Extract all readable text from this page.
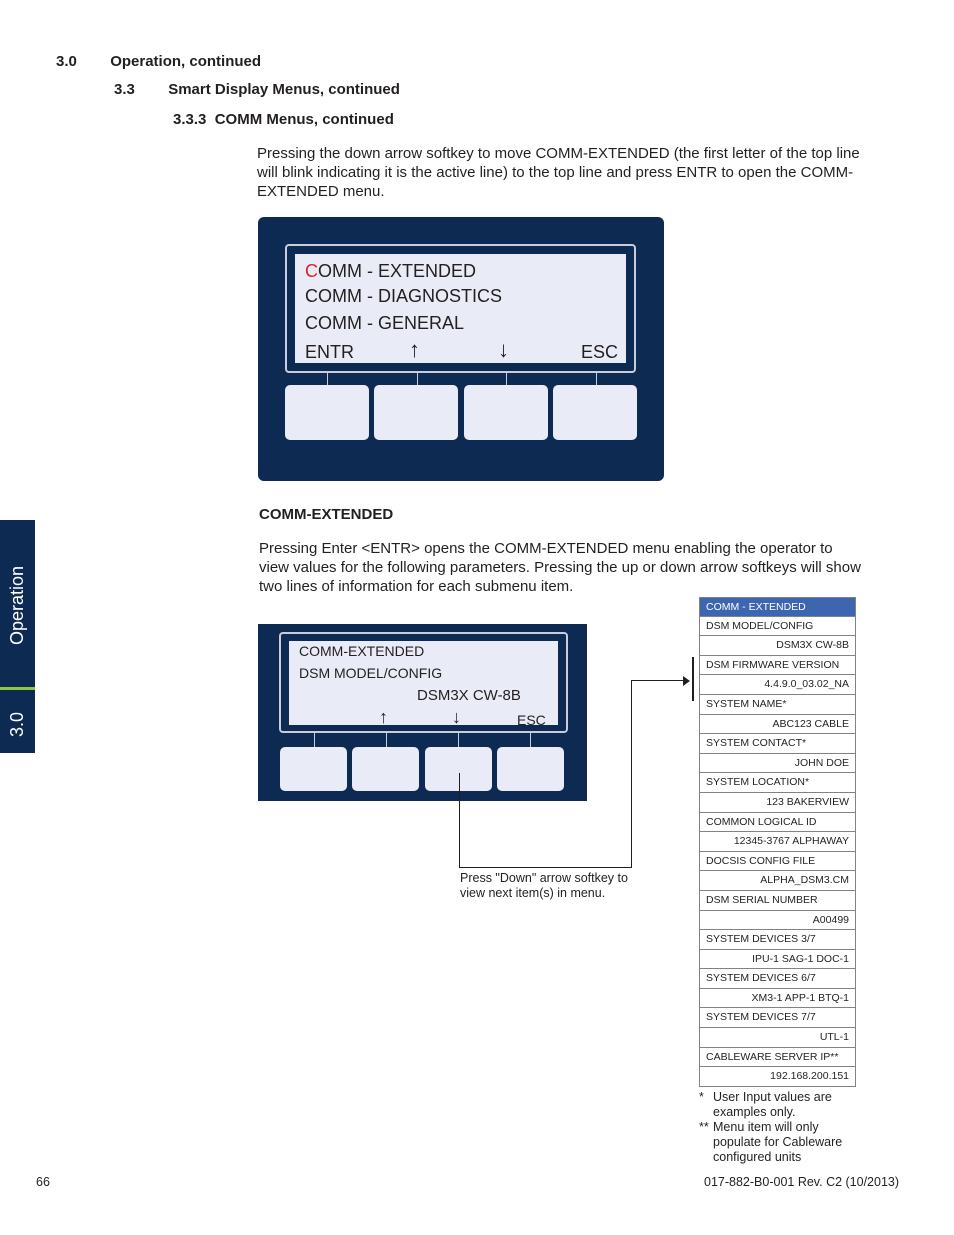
3.0        Operation, continued
3.3        Smart Display Menus, continued
3.3.3  COMM Menus, continued
Pressing the down arrow softkey to move COMM-EXTENDED (the first letter of the top line
will blink indicating it is the active line) to the top line and press ENTR to open the COMM-
EXTENDED menu.
COMM - EXTENDED
COMM - DIAGNOSTICS
COMM - GENERAL
ENTR	↑	↓	ESC
COMM-EXTENDED
Pressing Enter <ENTR> opens the COMM-EXTENDED menu enabling the operator to
view values for the following parameters. Pressing the up or down arrow softkeys will show
two lines of information for each submenu item.
COMM-EXTENDED
DSM MODEL/CONFIG
DSM3X CW-8B
↑	↓	ESC
Press "Down" arrow softkey to
view next item(s) in menu.
COMM - EXTENDED
DSM MODEL/CONFIG
DSM3X CW-8B
DSM FIRMWARE VERSION
4.4.9.0_03.02_NA
SYSTEM NAME*
ABC123 CABLE
SYSTEM CONTACT*
JOHN DOE
SYSTEM LOCATION*
123 BAKERVIEW
COMMON LOGICAL ID
12345-3767 ALPHAWAY
DOCSIS CONFIG FILE
ALPHA_DSM3.CM
DSM SERIAL NUMBER
A00499
SYSTEM DEVICES 3/7
IPU-1 SAG-1 DOC-1
SYSTEM DEVICES 6/7
XM3-1 APP-1 BTQ-1
SYSTEM DEVICES 7/7
UTL-1
CABLEWARE SERVER IP**
192.168.200.151
* User Input values are
examples only.
** Menu item will only
populate for Cableware
configured units
Operation
3.0
66	017-882-B0-001 Rev. C2 (10/2013)
